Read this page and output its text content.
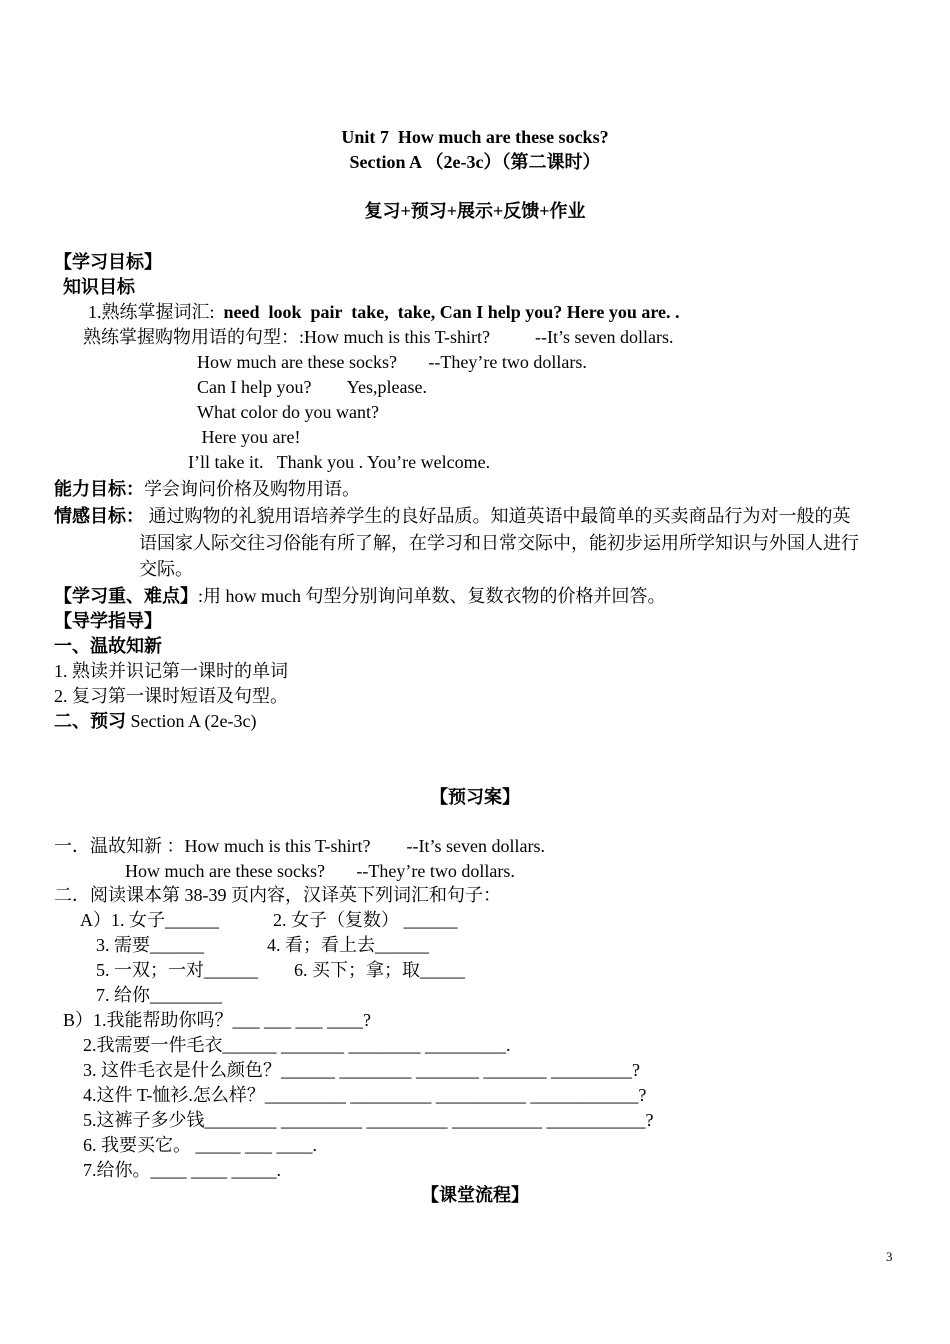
Unit 7  How much are these socks?
Section A （2e-3c）（第二课时）
复习+预习+展示+反馈+作业
【学习目标】
知识目标
1.熟练掌握词汇: need  look  pair  take,  take, Can I help you? Here you are. .
熟练掌握购物用语的句型：:How much is this T-shirt?          --It’s seven dollars.
How much are these socks?       --They’re two dollars.
Can I help you?        Yes,please.
What color do you want?
Here you are!
I’ll take it.   Thank you . You’re welcome.
能力目标：学会询问价格及购物用语。
情感目标： 通过购物的礼貌用语培养学生的良好品质。知道英语中最简单的买卖商品行为对一般的英
语国家人际交往习俗能有所了解，在学习和日常交际中，能初步运用所学知识与外国人进行
交际。
【学习重、难点】:用 how much 句型分别询问单数、复数衣物的价格并回答。
【导学指导】
一、温故知新
1. 熟读并识记第一课时的单词
2. 复习第一课时短语及句型。
二、预习 Section A (2e-3c)
【预习案】
一．温故知新 ：How much is this T-shirt?        --It’s seven dollars.
How much are these socks?       --They’re two dollars.
二．阅读课本第 38-39 页内容，汉译英下列词汇和句子：
A）1. 女子______            2. 女子（复数） ______
3. 需要______              4. 看；看上去______
5. 一双；一对______        6. 买下；拿；取_____
7. 给你________
B）1.我能帮助你吗？___ ___ ___ ____?
2.我需要一件毛衣______ _______ ________ _________.
3. 这件毛衣是什么颜色？______ ________ _______ _______ _________?
4.这件 T-恤衫.怎么样？_________ _________ __________ ____________?
5.这裤子多少钱________ _________ _________ __________ ___________?
6. 我要买它。 _____ ___ ____.
7.给你。____ ____ _____.
【课堂流程】
3
